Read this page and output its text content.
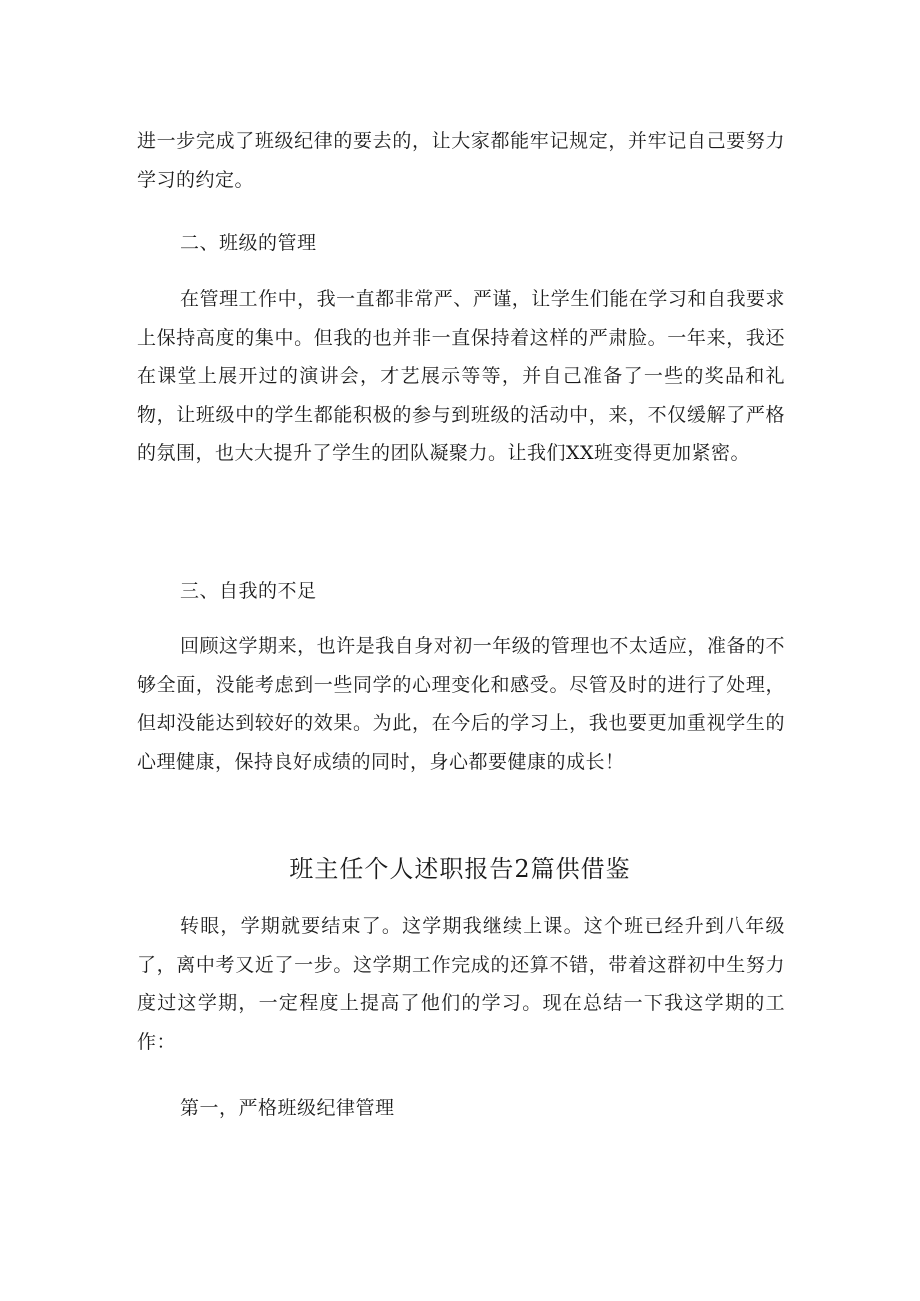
进一步完成了班级纪律的要去的，让大家都能牢记规定，并牢记自己要努力学习的约定。

二、班级的管理

在管理工作中，我一直都非常严、严谨，让学生们能在学习和自我要求上保持高度的集中。但我的也并非一直保持着这样的严肃脸。一年来，我还在课堂上展开过的演讲会，才艺展示等等，并自己准备了一些的奖品和礼物，让班级中的学生都能积极的参与到班级的活动中，来，不仅缓解了严格的氛围，也大大提升了学生的团队凝聚力。让我们XX班变得更加紧密。

三、自我的不足

回顾这学期来，也许是我自身对初一年级的管理也不太适应，准备的不够全面，没能考虑到一些同学的心理变化和感受。尽管及时的进行了处理，但却没能达到较好的效果。为此，在今后的学习上，我也要更加重视学生的心理健康，保持良好成绩的同时，身心都要健康的成长！

班主任个人述职报告2篇供借鉴

转眼，学期就要结束了。这学期我继续上课。这个班已经升到八年级了，离中考又近了一步。这学期工作完成的还算不错，带着这群初中生努力度过这学期，一定程度上提高了他们的学习。现在总结一下我这学期的工作：

第一，严格班级纪律管理
